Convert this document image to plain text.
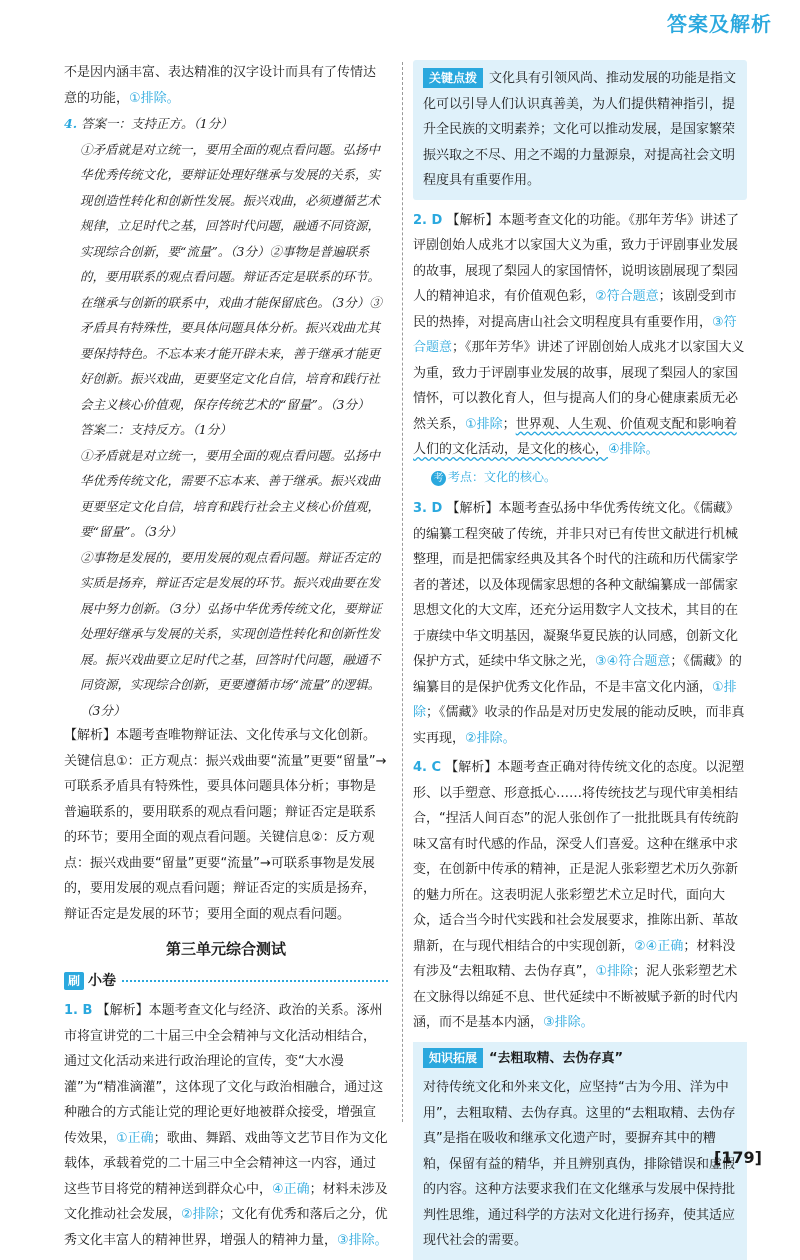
答案及解析

不是因内涵丰富、表达精准的汉字设计而具有了传情达意的功能，①排除。

4. 答案一：支持正方。（1分）

①矛盾就是对立统一，要用全面的观点看问题。弘扬中华优秀传统文化，要辩证处理好继承与发展的关系，实现创造性转化和创新性发展。振兴戏曲，必须遵循艺术规律，立足时代之基，回答时代问题，融通不同资源，实现综合创新，要“流量”。（3分）②事物是普遍联系的，要用联系的观点看问题。辩证否定是联系的环节。在继承与创新的联系中，戏曲才能保留底色。（3分）③矛盾具有特殊性，要具体问题具体分析。振兴戏曲尤其要保持特色。不忘本来才能开辟未来，善于继承才能更好创新。振兴戏曲，更要坚定文化自信，培育和践行社会主义核心价值观，保存传统艺术的“留量”。（3分）

答案二：支持反方。（1分）

①矛盾就是对立统一，要用全面的观点看问题。弘扬中华优秀传统文化，需要不忘本来、善于继承。振兴戏曲更要坚定文化自信，培育和践行社会主义核心价值观，要“留量”。（3分）

②事物是发展的，要用发展的观点看问题。辩证否定的实质是扬弃，辩证否定是发展的环节。振兴戏曲要在发展中努力创新。（3分）弘扬中华优秀传统文化，要辩证处理好继承与发展的关系，实现创造性转化和创新性发展。振兴戏曲要立足时代之基，回答时代问题，融通不同资源，实现综合创新，更要遵循市场“流量”的逻辑。（3分）

【解析】本题考查唯物辩证法、文化传承与文化创新。关键信息①：正方观点：振兴戏曲要“流量”更要“留量”→可联系矛盾具有特殊性，要具体问题具体分析；事物是普遍联系的，要用联系的观点看问题；辩证否定是联系的环节；要用全面的观点看问题。关键信息②：反方观点：振兴戏曲要“留量”更要“流量”→可联系事物是发展的，要用发展的观点看问题；辩证否定的实质是扬弃，辩证否定是发展的环节；要用全面的观点看问题。

第三单元综合测试
刷 小卷

1. B 【解析】本题考查文化与经济、政治的关系。涿州市将宣讲党的二十届三中全会精神与文化活动相结合，通过文化活动来进行政治理论的宣传，变“大水漫灌”为“精准滴灌”，这体现了文化与政治相融合，通过这种融合的方式能让党的理论更好地被群众接受，增强宣传效果，①正确；歌曲、舞蹈、戏曲等文艺节目作为文化载体，承载着党的二十届三中全会精神这一内容，通过这些节目将党的精神送到群众心中，④正确；材料未涉及文化推动社会发展，②排除；文化有优秀和落后之分，优秀文化丰富人的精神世界，增强人的精神力量，③排除。

关键点拨 文化具有引领风尚、推动发展的功能是指文化可以引导人们认识真善美，为人们提供精神指引，提升全民族的文明素养；文化可以推动发展，是国家繁荣振兴取之不尽、用之不竭的力量源泉，对提高社会文明程度具有重要作用。

2. D 【解析】本题考查文化的功能。《那年芳华》讲述了评剧创始人成兆才以家国大义为重，致力于评剧事业发展的故事，展现了梨园人的家国情怀，说明该剧展现了梨园人的精神追求，有价值观色彩，②符合题意；该剧受到市民的热捧，对提高唐山社会文明程度具有重要作用，③符合题意；《那年芳华》讲述了评剧创始人成兆才以家国大义为重，致力于评剧事业发展的故事，展现了梨园人的家国情怀，可以教化育人，但与提高人们的身心健康素质无必然关系，①排除；世界观、人生观、价值观支配和影响着人们的文化活动，是文化的核心，④排除。

考 考点：文化的核心。

3. D 【解析】本题考查弘扬中华优秀传统文化。《儒藏》的编纂工程突破了传统，并非只对已有传世文献进行机械整理，而是把儒家经典及其各个时代的注疏和历代儒家学者的著述，以及体现儒家思想的各种文献编纂成一部儒家思想文化的大文库，还充分运用数字人文技术，其目的在于赓续中华文明基因，凝聚华夏民族的认同感，创新文化保护方式，延续中华文脉之光，③④符合题意；《儒藏》的编纂目的是保护优秀文化作品，不是丰富文化内涵，①排除；《儒藏》收录的作品是对历史发展的能动反映，而非真实再现，②排除。

4. C 【解析】本题考查正确对待传统文化的态度。以泥塑形、以手塑意、形意抵心……将传统技艺与现代审美相结合，“捏活人间百态”的泥人张创作了一批批既具有传统韵味又富有时代感的作品，深受人们喜爱。这种在继承中求变，在创新中传承的精神，正是泥人张彩塑艺术历久弥新的魅力所在。这表明泥人张彩塑艺术立足时代，面向大众，适合当今时代实践和社会发展要求，推陈出新、革故鼎新，在与现代相结合的中实现创新，②④正确；材料没有涉及“去粗取精、去伪存真”，①排除；泥人张彩塑艺术在文脉得以绵延不息、世代延续中不断被赋予新的时代内涵，而不是基本内涵，③排除。

知识拓展 “去粗取精、去伪存真”

对待传统文化和外来文化，应坚持“古为今用、洋为中用”，去粗取精、去伪存真。这里的“去粗取精、去伪存真”是指在吸收和继承文化遗产时，要摒弃其中的糟粕，保留有益的精华，并且辨别真伪，排除错误和虚假的内容。这种方法要求我们在文化继承与发展中保持批判性思维，通过科学的方法对文化进行扬弃，使其适应现代社会的需要。

[179]
